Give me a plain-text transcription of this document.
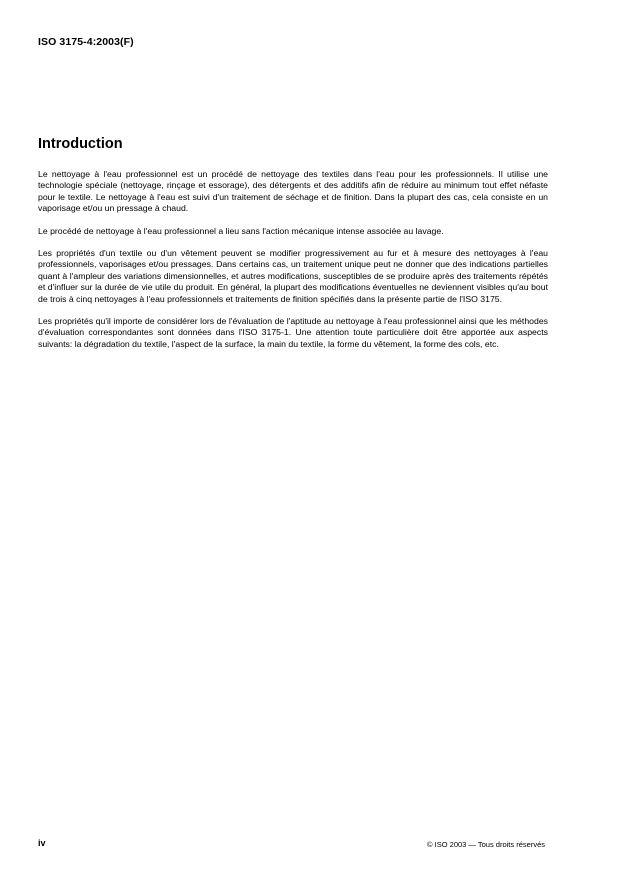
ISO 3175-4:2003(F)
Introduction

Le nettoyage à l'eau professionnel est un procédé de nettoyage des textiles dans l'eau pour les professionnels. Il utilise une technologie spéciale (nettoyage, rinçage et essorage), des détergents et des additifs afin de réduire au minimum tout effet néfaste pour le textile. Le nettoyage à l'eau est suivi d'un traitement de séchage et de finition. Dans la plupart des cas, cela consiste en un vaporisage et/ou un pressage à chaud.

Le procédé de nettoyage à l'eau professionnel a lieu sans l'action mécanique intense associée au lavage.

Les propriétés d'un textile ou d'un vêtement peuvent se modifier progressivement au fur et à mesure des nettoyages à l'eau professionnels, vaporisages et/ou pressages. Dans certains cas, un traitement unique peut ne donner que des indications partielles quant à l'ampleur des variations dimensionnelles, et autres modifications, susceptibles de se produire après des traitements répétés et d'influer sur la durée de vie utile du produit. En général, la plupart des modifications éventuelles ne deviennent visibles qu'au bout de trois à cinq nettoyages à l'eau professionnels et traitements de finition spécifiés dans la présente partie de l'ISO 3175.

Les propriétés qu'il importe de considérer lors de l'évaluation de l'aptitude au nettoyage à l'eau professionnel ainsi que les méthodes d'évaluation correspondantes sont données dans l'ISO 3175-1. Une attention toute particulière doit être apportée aux aspects suivants: la dégradation du textile, l'aspect de la surface, la main du textile, la forme du vêtement, la forme des cols, etc.

iv	© ISO 2003 — Tous droits réservés
